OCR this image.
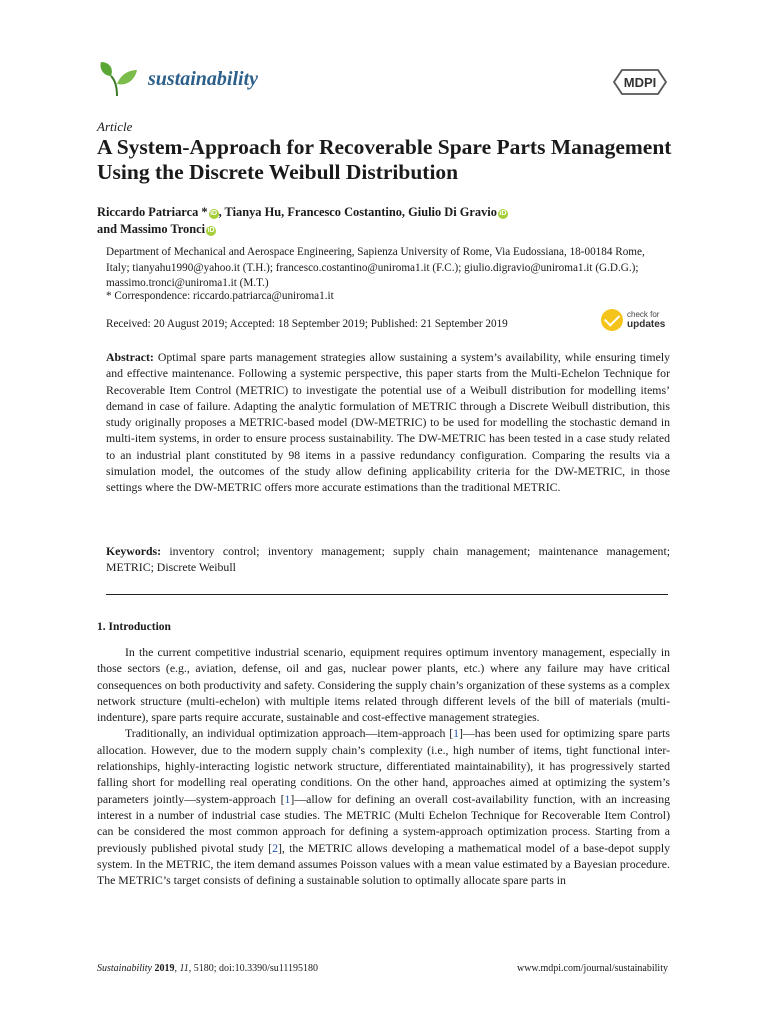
sustainability	MDPI
Article
A System-Approach for Recoverable Spare Parts Management Using the Discrete Weibull Distribution
Riccardo Patriarca * iD , Tianya Hu, Francesco Costantino, Giulio Di Gravio iD
and Massimo Tronci iD
Department of Mechanical and Aerospace Engineering, Sapienza University of Rome, Via Eudossiana, 18-00184 Rome, Italy; tianyahu1990@yahoo.it (T.H.); francesco.costantino@uniroma1.it (F.C.); giulio.digravio@uniroma1.it (G.D.G.); massimo.tronci@uniroma1.it (M.T.)
* Correspondence: riccardo.patriarca@uniroma1.it
Received: 20 August 2019; Accepted: 18 September 2019; Published: 21 September 2019
check for
updates
Abstract: Optimal spare parts management strategies allow sustaining a system’s availability, while ensuring timely and effective maintenance. Following a systemic perspective, this paper starts from the Multi-Echelon Technique for Recoverable Item Control (METRIC) to investigate the potential use of a Weibull distribution for modelling items’ demand in case of failure. Adapting the analytic formulation of METRIC through a Discrete Weibull distribution, this study originally proposes a METRIC-based model (DW-METRIC) to be used for modelling the stochastic demand in multi-item systems, in order to ensure process sustainability. The DW-METRIC has been tested in a case study related to an industrial plant constituted by 98 items in a passive redundancy configuration. Comparing the results via a simulation model, the outcomes of the study allow defining applicability criteria for the DW-METRIC, in those settings where the DW-METRIC offers more accurate estimations than the traditional METRIC.
Keywords: inventory control; inventory management; supply chain management; maintenance management; METRIC; Discrete Weibull
1. Introduction

In the current competitive industrial scenario, equipment requires optimum inventory management, especially in those sectors (e.g., aviation, defense, oil and gas, nuclear power plants, etc.) where any failure may have critical consequences on both productivity and safety. Considering the supply chain’s organization of these systems as a complex network structure (multi-echelon) with multiple items related through different levels of the bill of materials (multi-indenture), spare parts require accurate, sustainable and cost-effective management strategies.

Traditionally, an individual optimization approach—item-approach [1]—has been used for optimizing spare parts allocation. However, due to the modern supply chain’s complexity (i.e., high number of items, tight functional inter-relationships, highly-interacting logistic network structure, differentiated maintainability), it has progressively started falling short for modelling real operating conditions. On the other hand, approaches aimed at optimizing the system’s parameters jointly—system-approach [1]—allow for defining an overall cost-availability function, with an increasing interest in a number of industrial case studies. The METRIC (Multi Echelon Technique for Recoverable Item Control) can be considered the most common approach for defining a system-approach optimization process. Starting from a previously published pivotal study [2], the METRIC allows developing a mathematical model of a base-depot supply system. In the METRIC, the item demand assumes Poisson values with a mean value estimated by a Bayesian procedure. The METRIC’s target consists of defining a sustainable solution to optimally allocate spare parts in

Sustainability 2019, 11, 5180; doi:10.3390/su11195180	www.mdpi.com/journal/sustainability
